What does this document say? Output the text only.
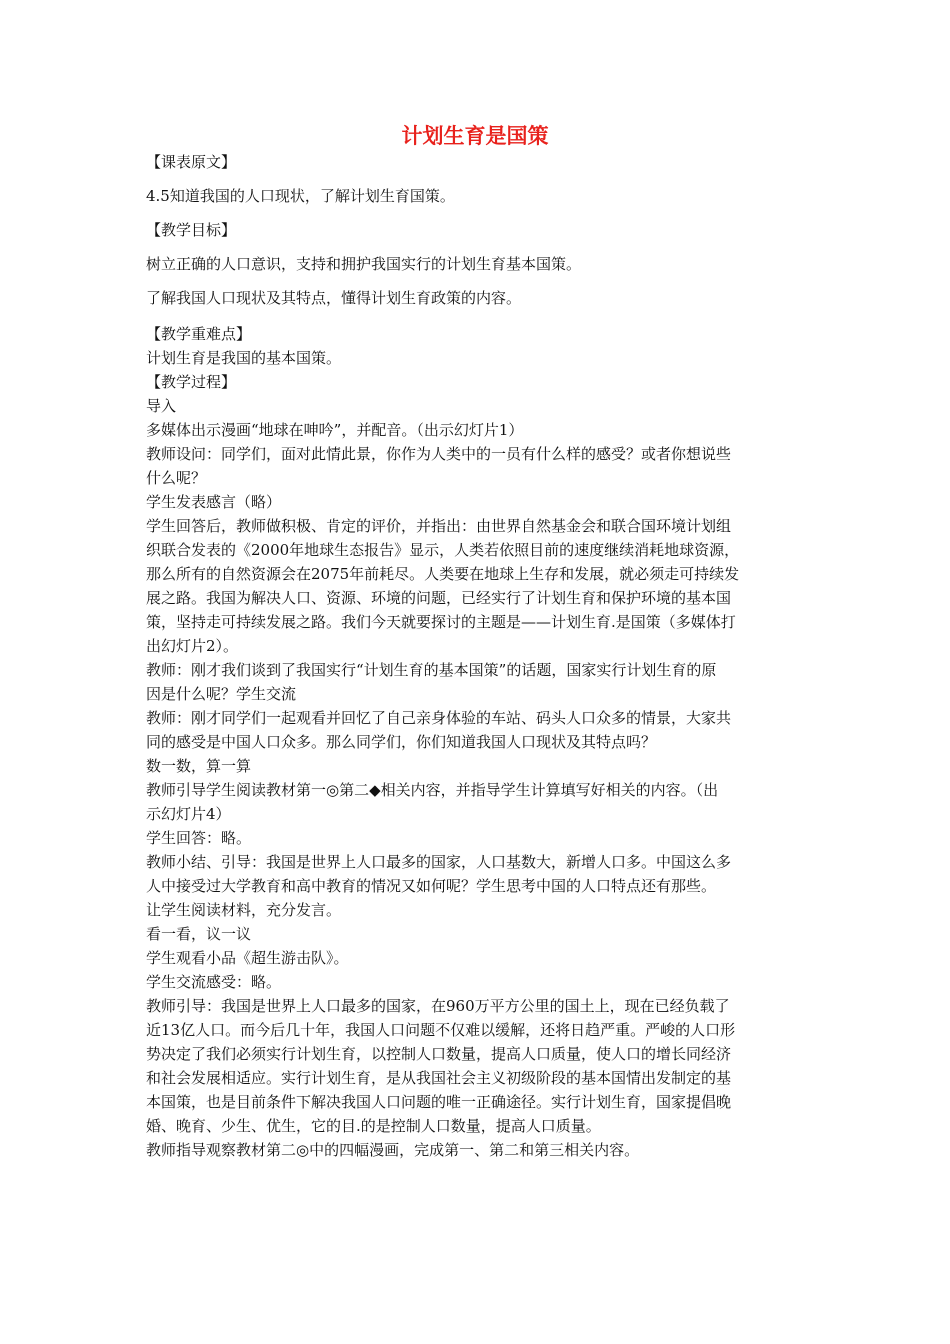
计划生育是国策

【课表原文】

4.5知道我国的人口现状，了解计划生育国策。

【教学目标】

树立正确的人口意识，支持和拥护我国实行的计划生育基本国策。

了解我国人口现状及其特点，懂得计划生育政策的内容。

【教学重难点】

计划生育是我国的基本国策。

【教学过程】

导入

多媒体出示漫画“地球在呻吟”，并配音。（出示幻灯片1）

教师设问：同学们，面对此情此景，你作为人类中的一员有什么样的感受？或者你想说些

什么呢？

学生发表感言（略）

学生回答后，教师做积极、肯定的评价，并指出：由世界自然基金会和联合国环境计划组

织联合发表的《2000年地球生态报告》显示，人类若依照目前的速度继续消耗地球资源，

那么所有的自然资源会在2075年前耗尽。人类要在地球上生存和发展，就必须走可持续发

展之路。我国为解决人口、资源、环境的问题，已经实行了计划生育和保护环境的基本国

策，坚持走可持续发展之路。我们今天就要探讨的主题是——计划生育.是国策（多媒体打

出幻灯片2）。

教师：刚才我们谈到了我国实行“计划生育的基本国策”的话题，国家实行计划生育的原

因是什么呢？学生交流

教师：刚才同学们一起观看并回忆了自己亲身体验的车站、码头人口众多的情景，大家共

同的感受是中国人口众多。那么同学们，你们知道我国人口现状及其特点吗？

数一数，算一算

教师引导学生阅读教材第一◎第二◆相关内容，并指导学生计算填写好相关的内容。（出

示幻灯片4）

学生回答：略。

教师小结、引导：我国是世界上人口最多的国家，人口基数大，新增人口多。中国这么多

人中接受过大学教育和高中教育的情况又如何呢？学生思考中国的人口特点还有那些。

让学生阅读材料，充分发言。

看一看，议一议

学生观看小品《超生游击队》。

学生交流感受：略。

教师引导：我国是世界上人口最多的国家，在960万平方公里的国土上，现在已经负载了

近13亿人口。而今后几十年，我国人口问题不仅难以缓解，还将日趋严重。严峻的人口形

势决定了我们必须实行计划生育，以控制人口数量，提高人口质量，使人口的增长同经济

和社会发展相适应。实行计划生育，是从我国社会主义初级阶段的基本国情出发制定的基

本国策，也是目前条件下解决我国人口问题的唯一正确途径。实行计划生育，国家提倡晚

婚、晚育、少生、优生，它的目.的是控制人口数量，提高人口质量。

教师指导观察教材第二◎中的四幅漫画，完成第一、第二和第三相关内容。
